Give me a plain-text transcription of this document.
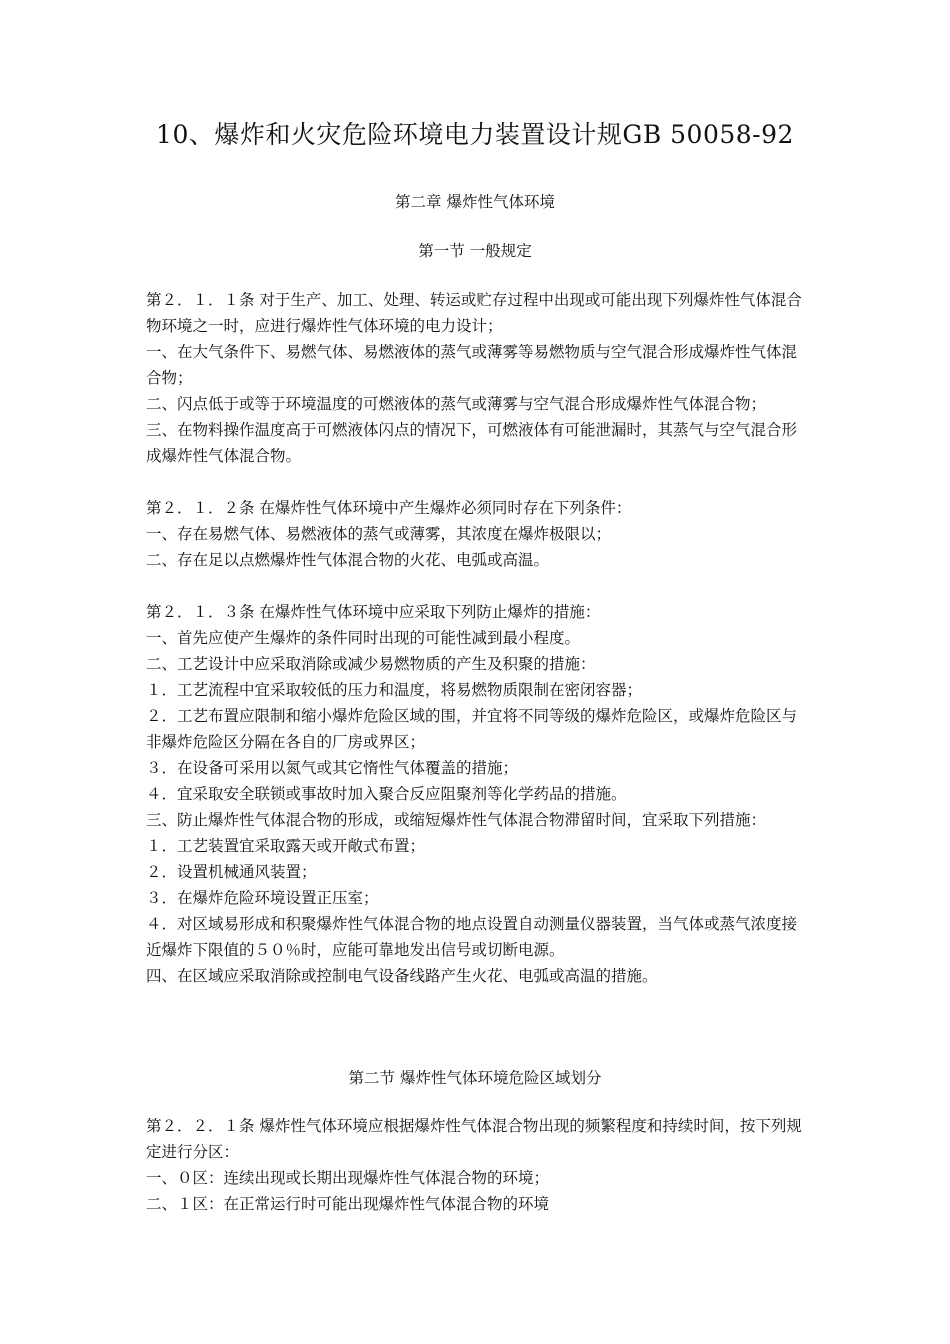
10、爆炸和火灾危险环境电力装置设计规GB 50058-92
第二章 爆炸性气体环境
第一节 一般规定

第２．１．１条 对于生产、加工、处理、转运或贮存过程中出现或可能出现下列爆炸性气体混合物环境之一时，应进行爆炸性气体环境的电力设计；

一、在大气条件下、易燃气体、易燃液体的蒸气或薄雾等易燃物质与空气混合形成爆炸性气体混合物；

二、闪点低于或等于环境温度的可燃液体的蒸气或薄雾与空气混合形成爆炸性气体混合物；

三、在物料操作温度高于可燃液体闪点的情况下，可燃液体有可能泄漏时，其蒸气与空气混合形成爆炸性气体混合物。

第２．１．２条 在爆炸性气体环境中产生爆炸必须同时存在下列条件：

一、存在易燃气体、易燃液体的蒸气或薄雾，其浓度在爆炸极限以；

二、存在足以点燃爆炸性气体混合物的火花、电弧或高温。

第２．１．３条 在爆炸性气体环境中应采取下列防止爆炸的措施：

一、首先应使产生爆炸的条件同时出现的可能性减到最小程度。

二、工艺设计中应采取消除或减少易燃物质的产生及积聚的措施：

１．工艺流程中宜采取较低的压力和温度，将易燃物质限制在密闭容器；

２．工艺布置应限制和缩小爆炸危险区域的围，并宜将不同等级的爆炸危险区，或爆炸危险区与非爆炸危险区分隔在各自的厂房或界区；

３．在设备可采用以氮气或其它惰性气体覆盖的措施；

４．宜采取安全联锁或事故时加入聚合反应阻聚剂等化学药品的措施。

三、防止爆炸性气体混合物的形成，或缩短爆炸性气体混合物滞留时间，宜采取下列措施：

１．工艺装置宜采取露天或开敞式布置；

２．设置机械通风装置；

３．在爆炸危险环境设置正压室；

４．对区域易形成和积聚爆炸性气体混合物的地点设置自动测量仪器装置，当气体或蒸气浓度接近爆炸下限值的５０％时，应能可靠地发出信号或切断电源。

四、在区域应采取消除或控制电气设备线路产生火花、电弧或高温的措施。

第二节 爆炸性气体环境危险区域划分

第２．２．１条 爆炸性气体环境应根据爆炸性气体混合物出现的频繁程度和持续时间，按下列规定进行分区：

一、０区：连续出现或长期出现爆炸性气体混合物的环境；

二、１区：在正常运行时可能出现爆炸性气体混合物的环境
